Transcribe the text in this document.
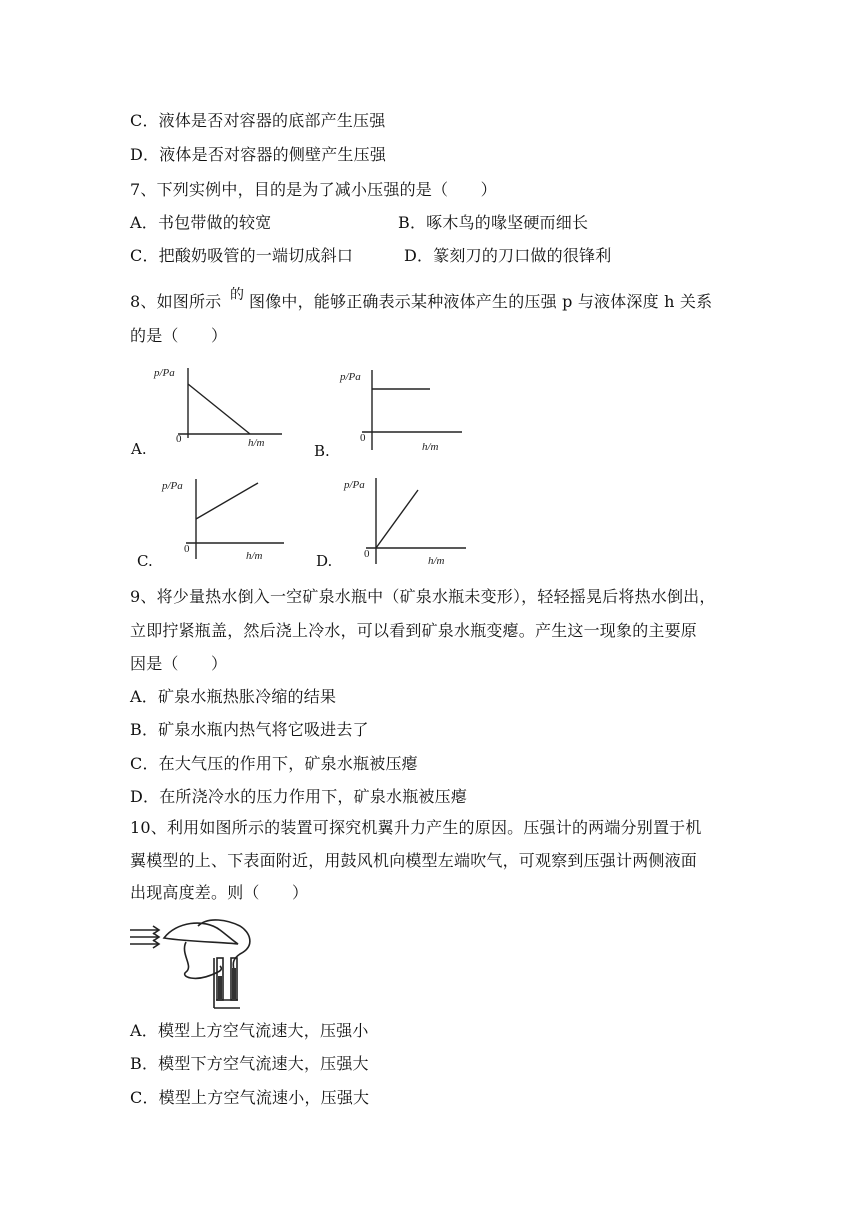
C．液体是否对容器的底部产生压强
D．液体是否对容器的侧壁产生压强
7、下列实例中，目的是为了减小压强的是（　　）
A．书包带做的较宽	B．啄木鸟的喙坚硬而细长
C．把酸奶吸管的一端切成斜口	D．篆刻刀的刀口做的很锋利
8、如图所示 的 图像中，能够正确表示某种液体产生的压强 p 与液体深度 h 关系
的是（　　）
p/Pa
0	h/m
A.
p/Pa
0
h/m
B.
p/Pa
0
h/m
C.
p/Pa
0
h/m
D.
9、将少量热水倒入一空矿泉水瓶中（矿泉水瓶未变形），轻轻摇晃后将热水倒出，
立即拧紧瓶盖，然后浇上冷水，可以看到矿泉水瓶变瘪。产生这一现象的主要原
因是（　　）
A．矿泉水瓶热胀冷缩的结果
B．矿泉水瓶内热气将它吸进去了
C．在大气压的作用下，矿泉水瓶被压瘪
D．在所浇冷水的压力作用下，矿泉水瓶被压瘪
10、利用如图所示的装置可探究机翼升力产生的原因。压强计的两端分别置于机
翼模型的上、下表面附近，用鼓风机向模型左端吹气，可观察到压强计两侧液面
出现高度差。则（　　）
A．模型上方空气流速大，压强小
B．模型下方空气流速大，压强大
C．模型上方空气流速小，压强大
